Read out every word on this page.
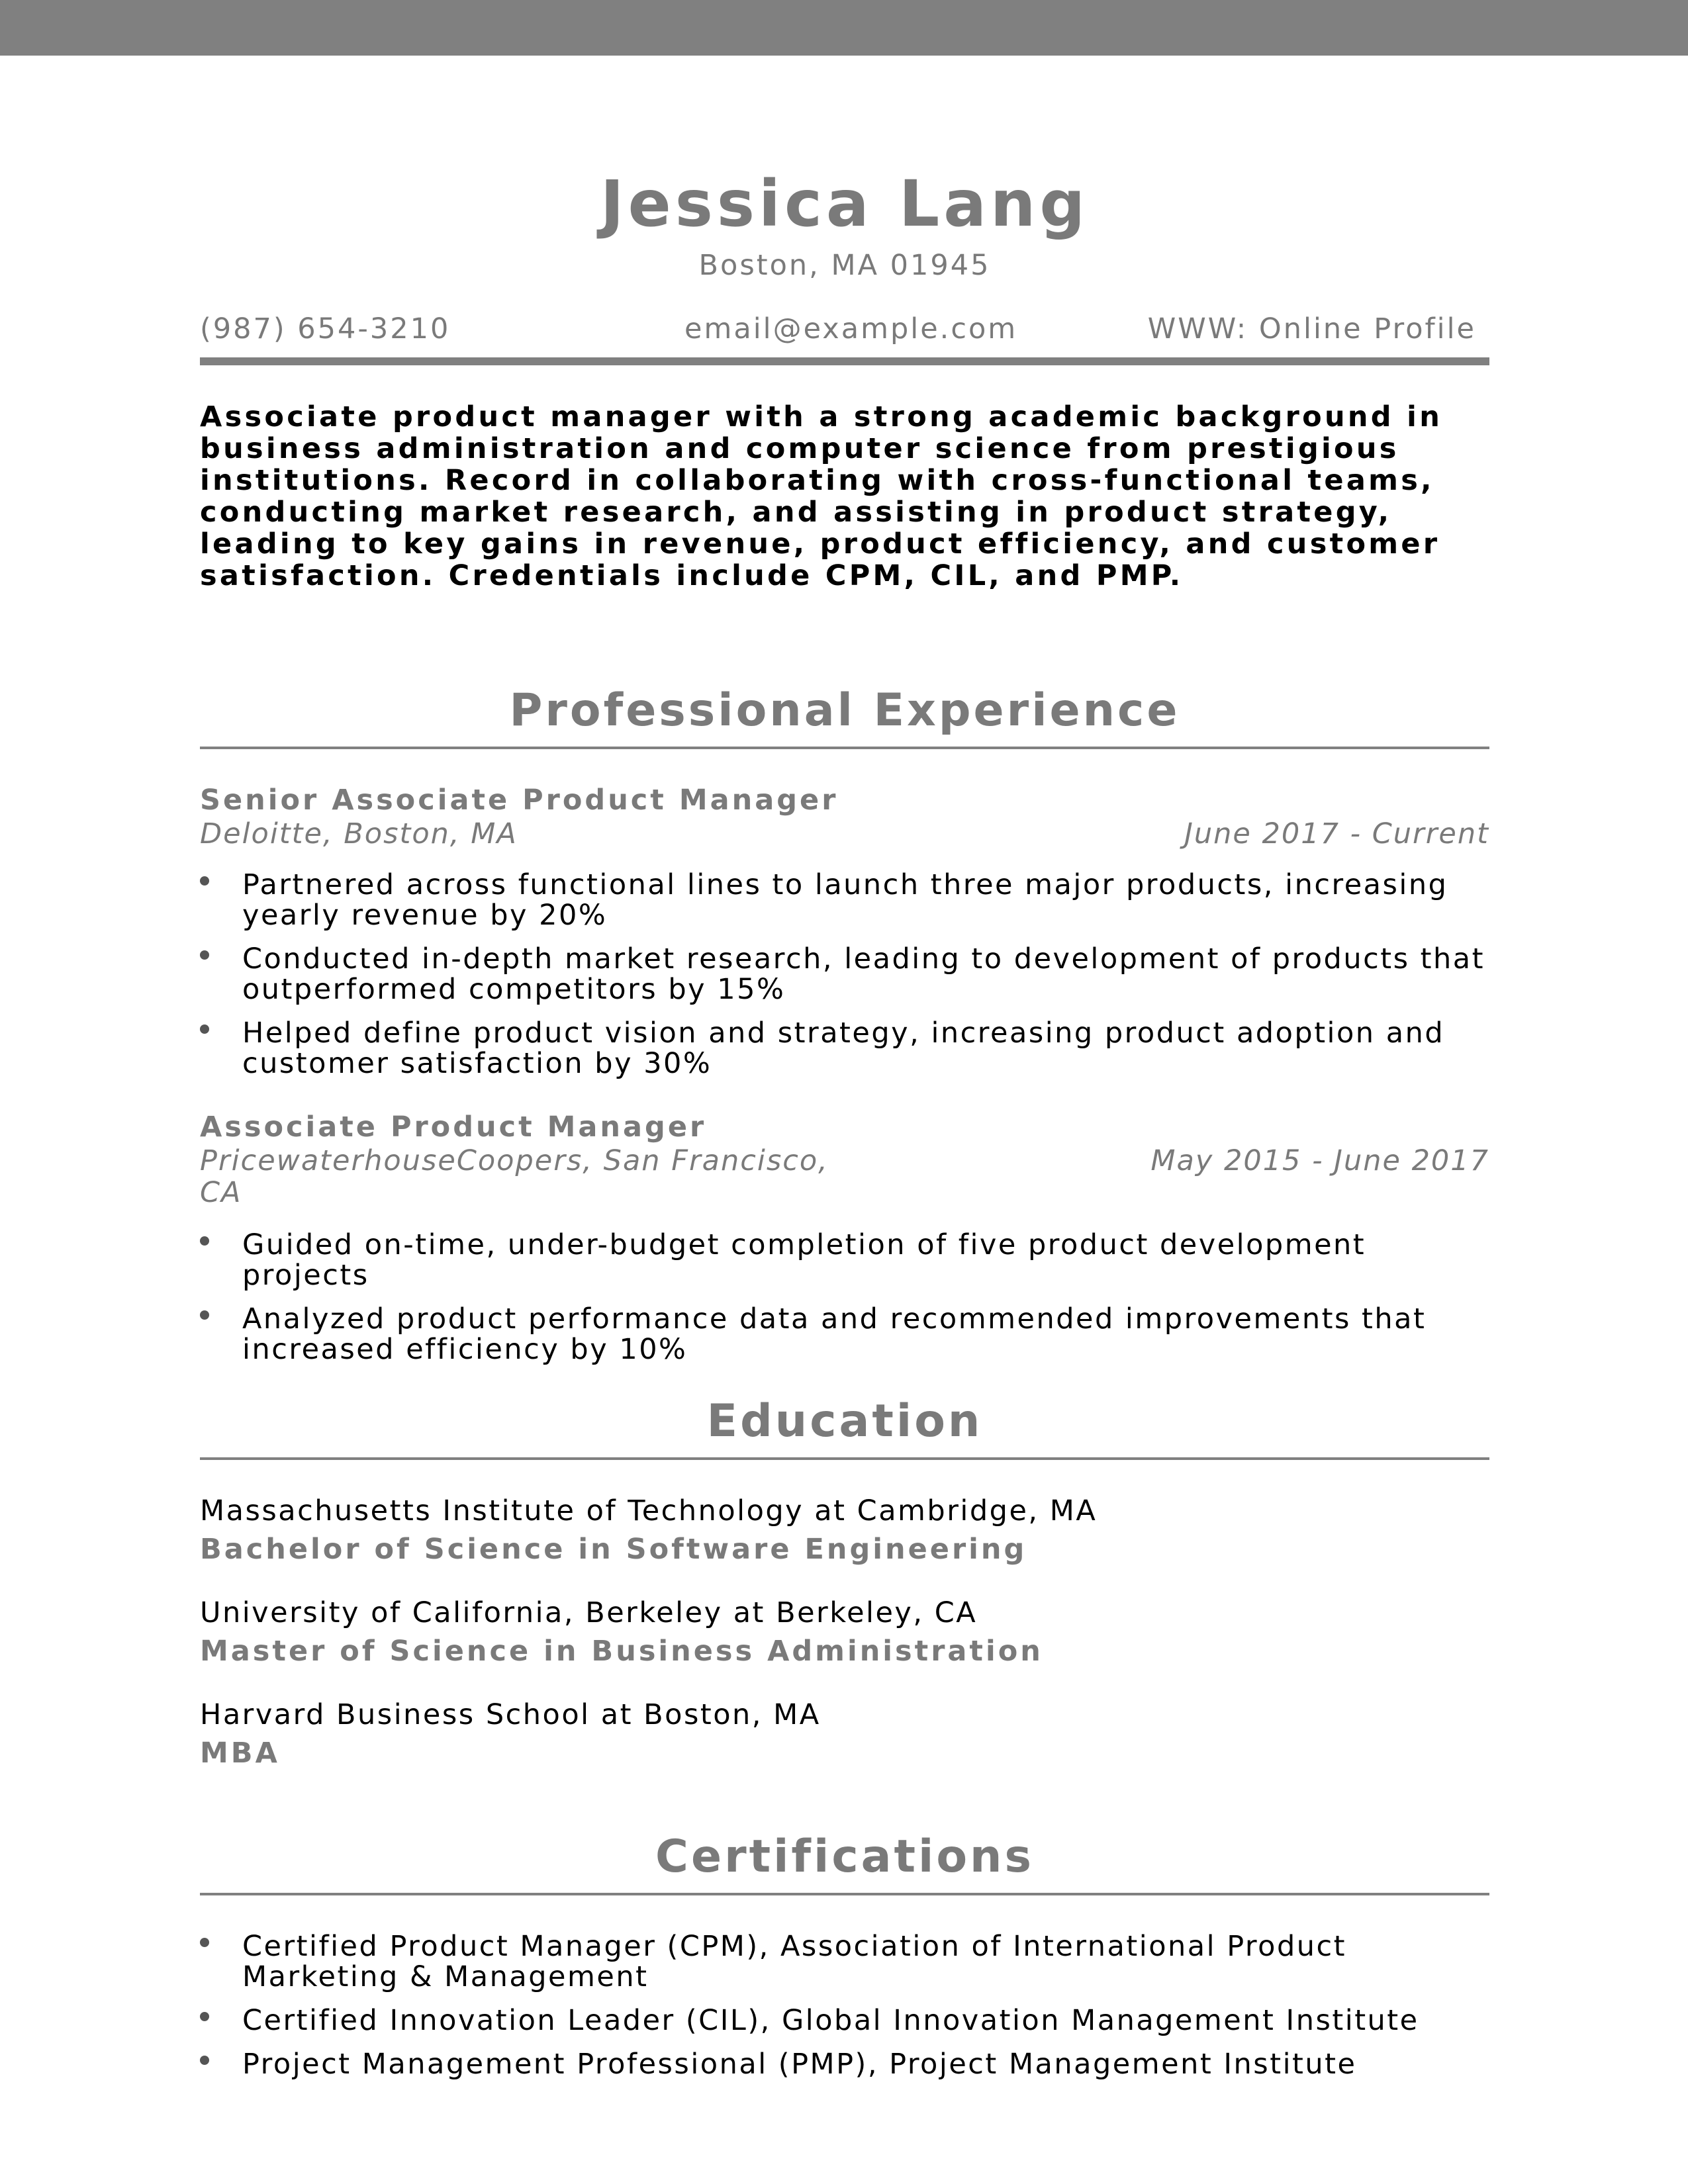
Jessica Lang
Boston, MA 01945
(987) 654-3210	email@example.com	WWW: Online Profile

Associate product manager with a strong academic background in business administration and computer science from prestigious institutions. Record in collaborating with cross-functional teams, conducting market research, and assisting in product strategy, leading to key gains in revenue, product efficiency, and customer satisfaction. Credentials include CPM, CIL, and PMP.

Professional Experience
Senior Associate Product Manager
Deloitte, Boston, MA	June 2017 - Current
Partnered across functional lines to launch three major products, increasing yearly revenue by 20%
Conducted in-depth market research, leading to development of products that outperformed competitors by 15%
Helped define product vision and strategy, increasing product adoption and customer satisfaction by 30%
Associate Product Manager
PricewaterhouseCoopers, San Francisco, CA
May 2015 - June 2017
Guided on-time, under-budget completion of five product development projects
Analyzed product performance data and recommended improvements that increased efficiency by 10%
Education
Massachusetts Institute of Technology at Cambridge, MA
Bachelor of Science in Software Engineering
University of California, Berkeley at Berkeley, CA
Master of Science in Business Administration
Harvard Business School at Boston, MA
MBA
Certifications
Certified Product Manager (CPM), Association of International Product Marketing & Management
Certified Innovation Leader (CIL), Global Innovation Management Institute
Project Management Professional (PMP), Project Management Institute
